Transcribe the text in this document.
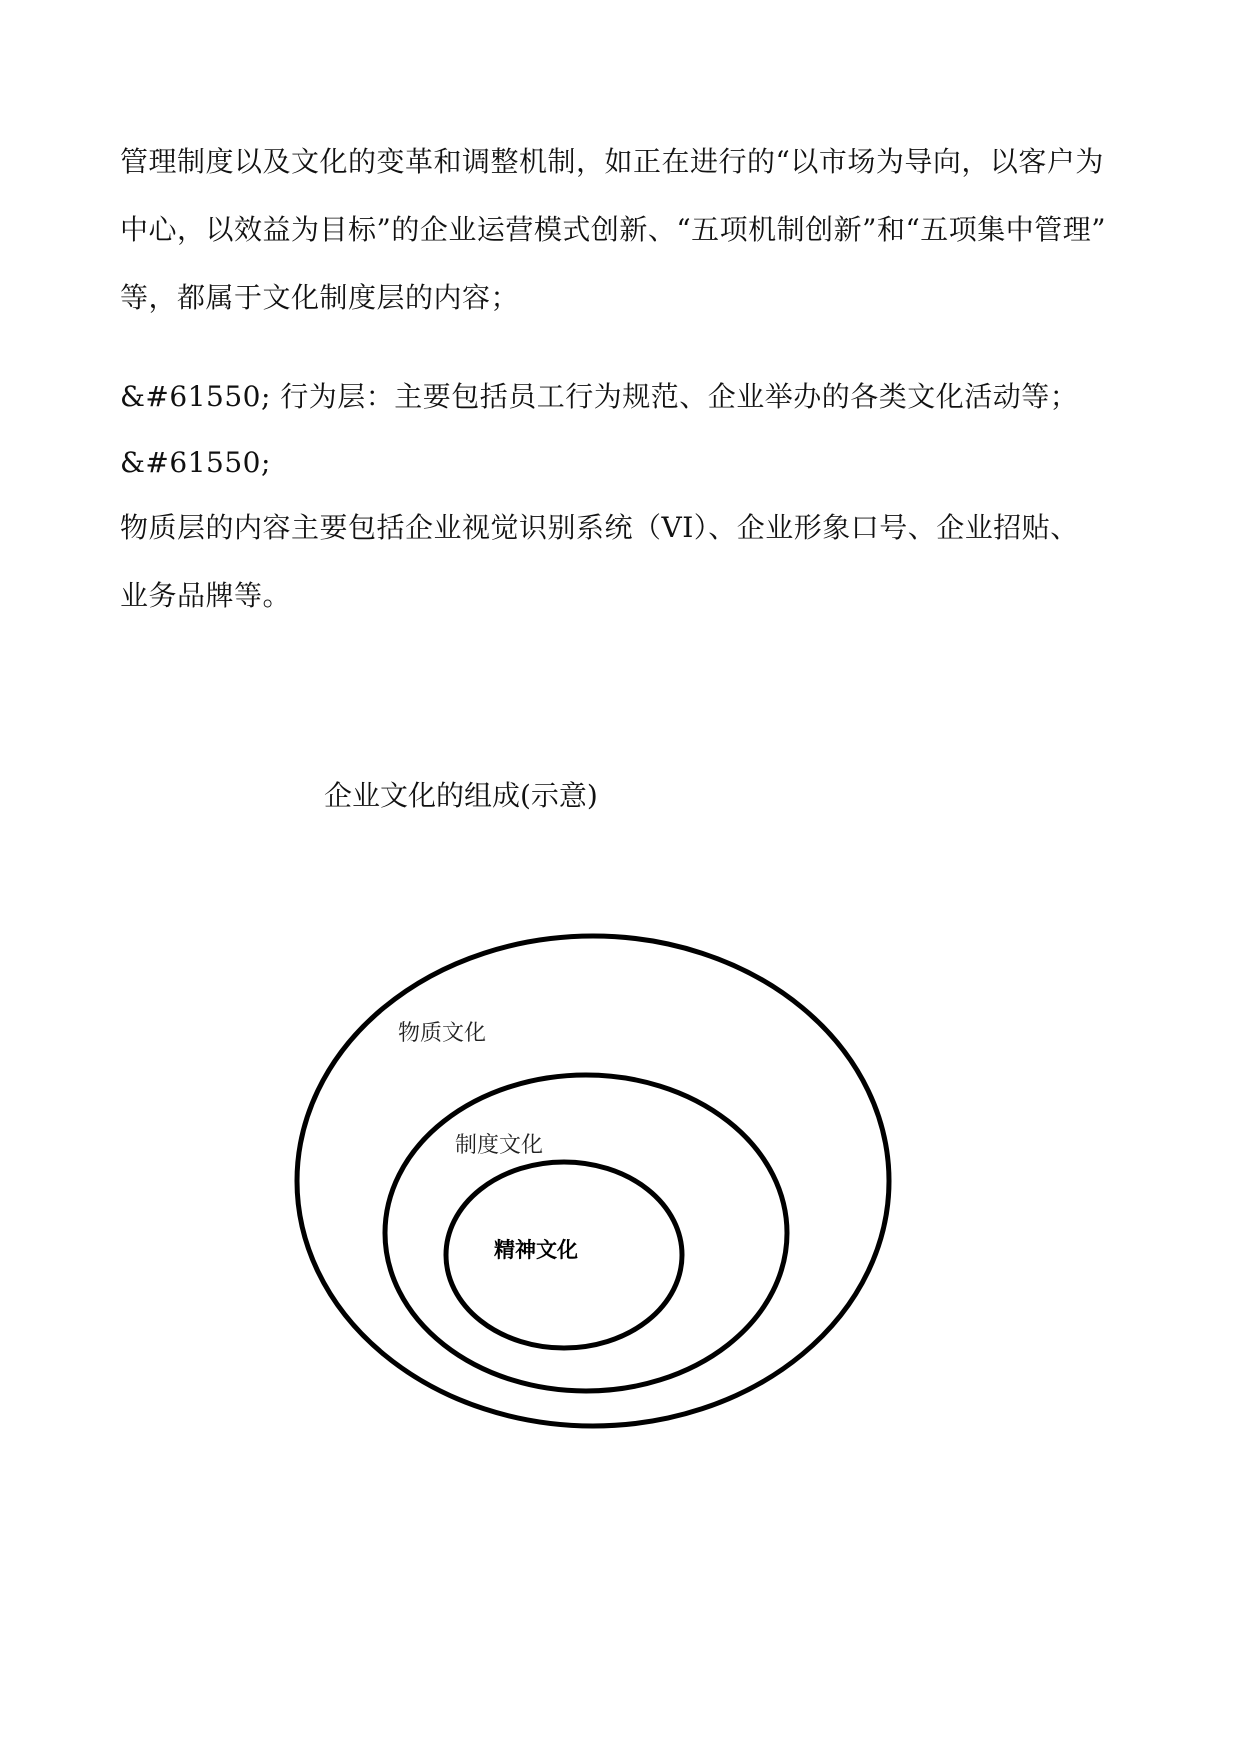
管理制度以及文化的变革和调整机制，如正在进行的“以市场为导向，以客户为
中心，以效益为目标”的企业运营模式创新、“五项机制创新”和“五项集中管理”
等，都属于文化制度层的内容；
&#61550; 行为层：主要包括员工行为规范、企业举办的各类文化活动等；
&#61550;
物质层的内容主要包括企业视觉识别系统（VI）、企业形象口号、企业招贴、
业务品牌等。
企业文化的组成(示意)
物质文化
制度文化
精神文化
